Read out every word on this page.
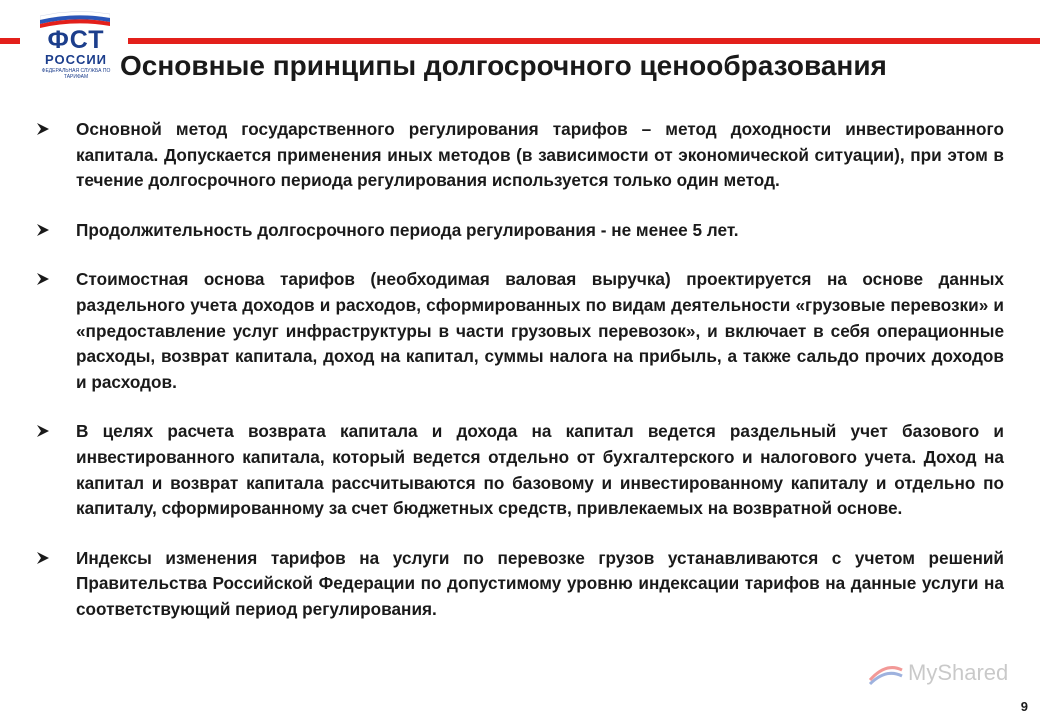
ФСТ
РОССИИ
ФЕДЕРАЛЬНАЯ СЛУЖБА ПО ТАРИФАМ	Основные принципы долгосрочного ценообразования
Основной метод государственного регулирования тарифов – метод доходности инвестированного капитала. Допускается применения иных методов (в зависимости от экономической ситуации), при этом в течение долгосрочного периода регулирования используется только один метод.
Продолжительность долгосрочного периода регулирования - не менее 5 лет.
Стоимостная основа тарифов (необходимая валовая выручка) проектируется на основе данных раздельного учета доходов и расходов, сформированных по видам деятельности «грузовые перевозки» и «предоставление услуг инфраструктуры в части грузовых перевозок», и включает в себя операционные расходы, возврат капитала, доход на капитал, суммы налога на прибыль, а также сальдо прочих доходов и расходов.
В целях расчета возврата капитала и дохода на капитал ведется раздельный учет базового и инвестированного капитала, который ведется отдельно от бухгалтерского и налогового учета. Доход на капитал и возврат капитала рассчитываются по базовому и инвестированному капиталу и отдельно по капиталу, сформированному за счет бюджетных средств, привлекаемых на возвратной основе.
Индексы изменения тарифов на услуги по перевозке грузов устанавливаются с учетом решений Правительства Российской Федерации по допустимому уровню индексации тарифов на данные услуги на соответствующий период регулирования.
MyShared
9
